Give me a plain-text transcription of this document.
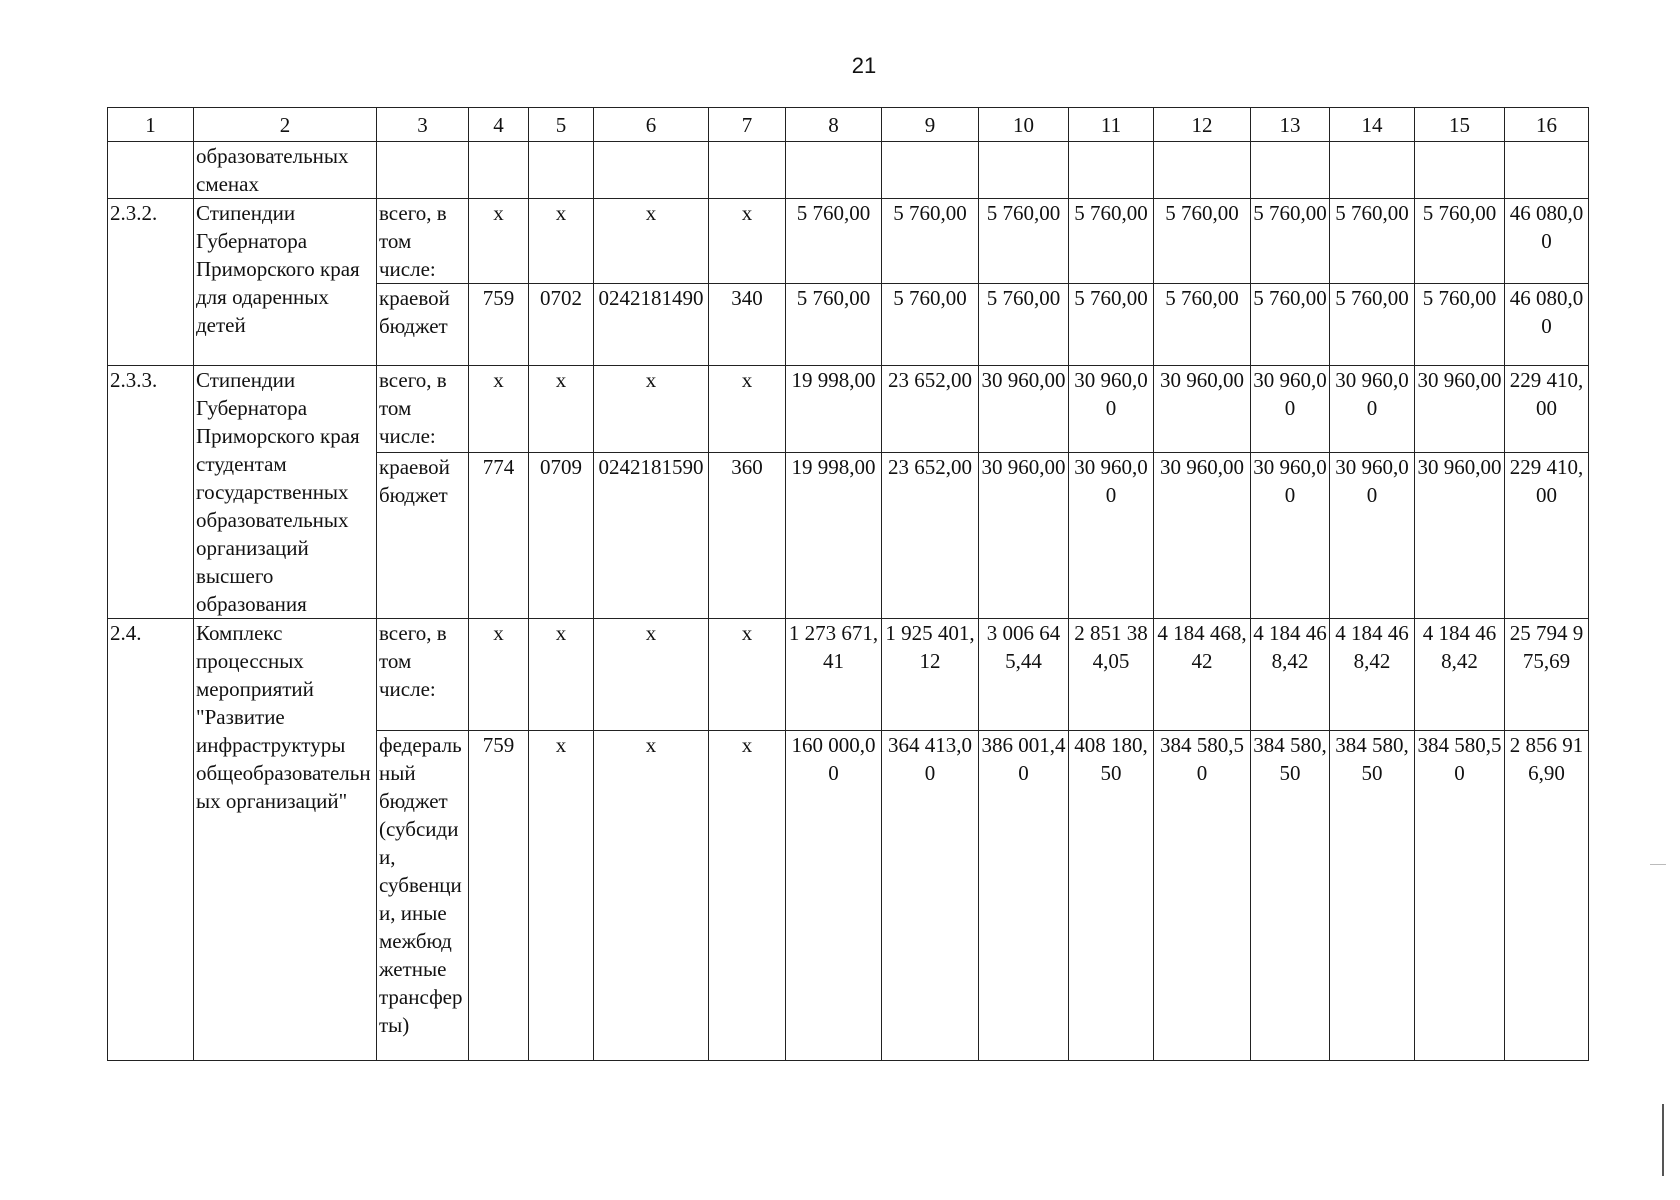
21
1	2	3	4	5	6	7	8	9	10	11	12	13	14	15	16
	образовательных сменах														
2.3.2.	Стипендии Губернатора Приморского края для одаренных детей	всего, в том числе:	х	х	х	х	5 760,00	5 760,00	5 760,00	5 760,00	5 760,00	5 760,00	5 760,00	5 760,00	46 080,00
		краевой бюджет	759	0702	0242181490	340	5 760,00	5 760,00	5 760,00	5 760,00	5 760,00	5 760,00	5 760,00	5 760,00	46 080,00
2.3.3.	Стипендии Губернатора Приморского края студентам государственных образовательных организаций высшего образования	всего, в том числе:	х	х	х	х	19 998,00	23 652,00	30 960,00	30 960,00	30 960,00	30 960,00	30 960,00	30 960,00	229 410,00
		краевой бюджет	774	0709	0242181590	360	19 998,00	23 652,00	30 960,00	30 960,00	30 960,00	30 960,00	30 960,00	30 960,00	229 410,00
2.4.	Комплекс процессных мероприятий "Развитие инфраструктуры общеобразовательных организаций"	всего, в том числе:	х	х	х	х	1 273 671,41	1 925 401,12	3 006 645,44	2 851 384,05	4 184 468,42	4 184 468,42	4 184 468,42	4 184 468,42	25 794 975,69
		федеральный бюджет (субсидии, субвенции, иные межбюджетные трансферты)	759	х	х	х	160 000,00	364 413,00	386 001,40	408 180,50	384 580,50	384 580,50	384 580,50	384 580,50	2 856 916,90
